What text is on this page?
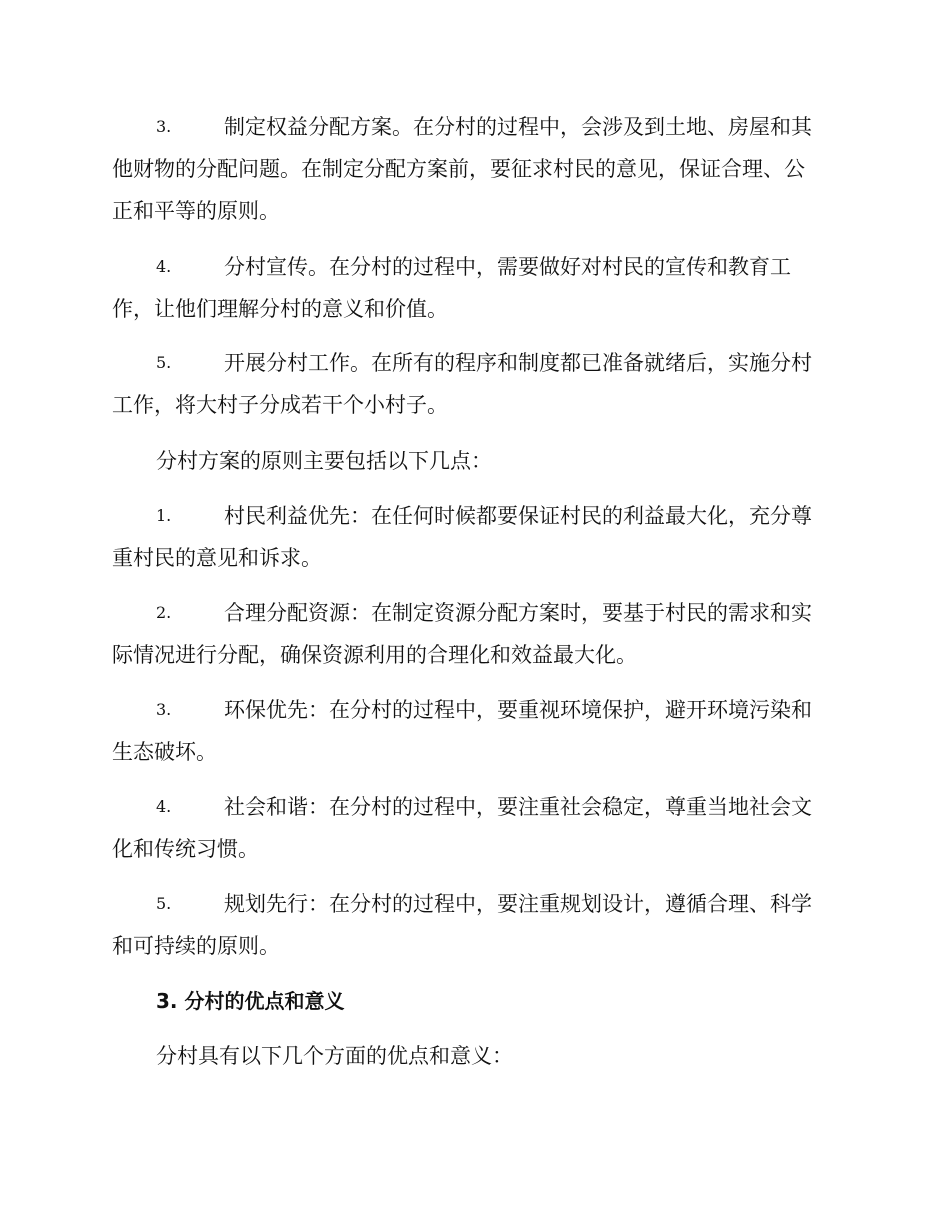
3.	制定权益分配方案。在分村的过程中，会涉及到土地、房屋和其
他财物的分配问题。在制定分配方案前，要征求村民的意见，保证合理、公
正和平等的原则。
4.	分村宣传。在分村的过程中，需要做好对村民的宣传和教育工
作，让他们理解分村的意义和价值。
5.	开展分村工作。在所有的程序和制度都已准备就绪后，实施分村
工作，将大村子分成若干个小村子。
分村方案的原则主要包括以下几点：
1.	村民利益优先：在任何时候都要保证村民的利益最大化，充分尊
重村民的意见和诉求。
2.	合理分配资源：在制定资源分配方案时，要基于村民的需求和实
际情况进行分配，确保资源利用的合理化和效益最大化。
3.	环保优先：在分村的过程中，要重视环境保护，避开环境污染和
生态破坏。
4.	社会和谐：在分村的过程中，要注重社会稳定，尊重当地社会文
化和传统习惯。
5.	规划先行：在分村的过程中，要注重规划设计，遵循合理、科学
和可持续的原则。
3. 分村的优点和意义
分村具有以下几个方面的优点和意义：
